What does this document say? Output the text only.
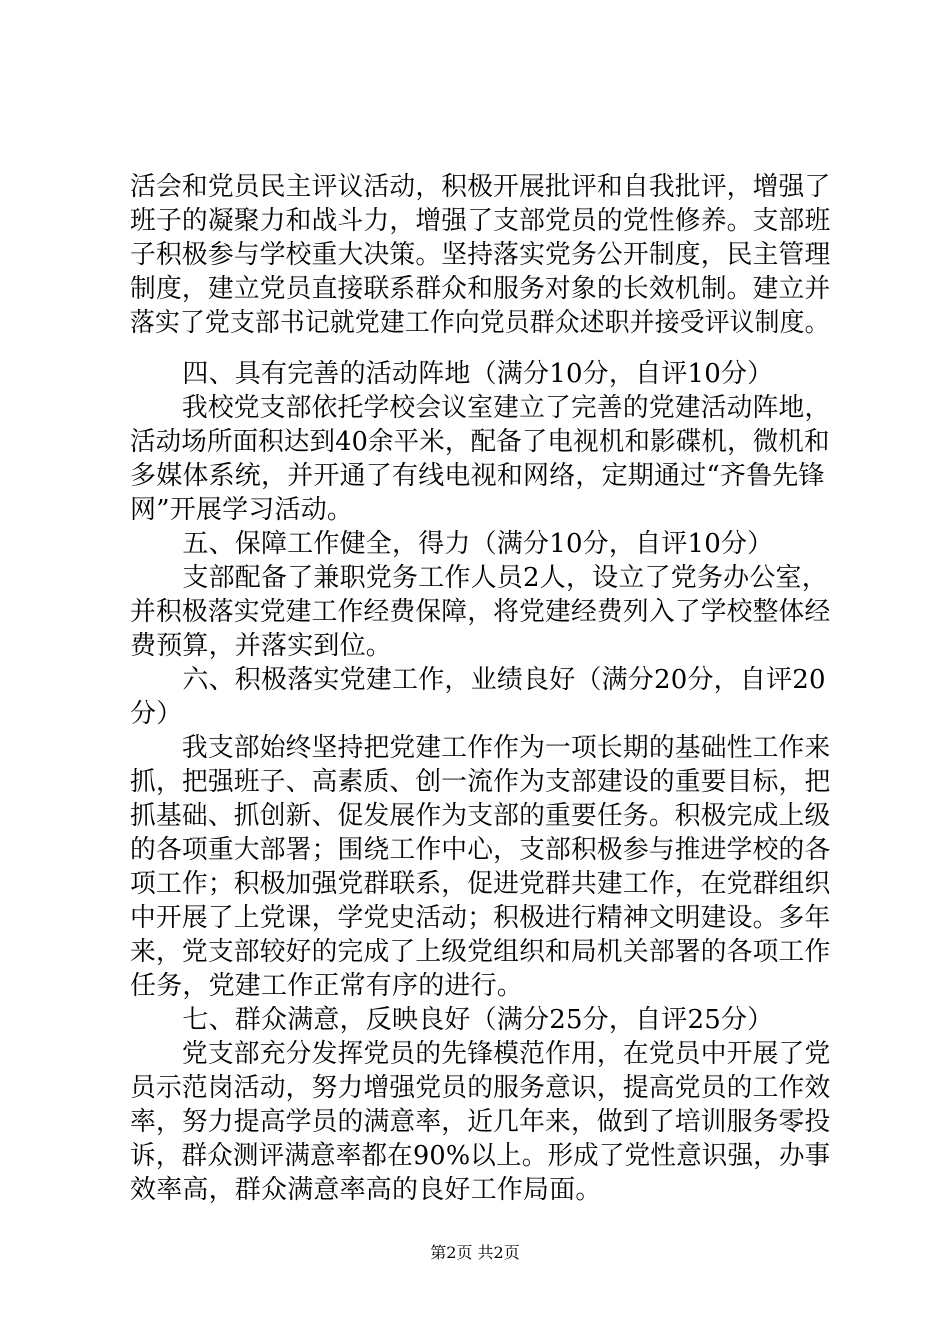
活会和党员民主评议活动，积极开展批评和自我批评，增强了
班子的凝聚力和战斗力，增强了支部党员的党性修养。支部班
子积极参与学校重大决策。坚持落实党务公开制度，民主管理
制度，建立党员直接联系群众和服务对象的长效机制。建立并
落实了党支部书记就党建工作向党员群众述职并接受评议制度。
　　四、具有完善的活动阵地（满分10分，自评10分）
　　我校党支部依托学校会议室建立了完善的党建活动阵地，
活动场所面积达到40余平米，配备了电视机和影碟机，微机和
多媒体系统，并开通了有线电视和网络，定期通过“齐鲁先锋
网”开展学习活动。
　　五、保障工作健全，得力（满分10分，自评10分）
　　支部配备了兼职党务工作人员2人，设立了党务办公室，
并积极落实党建工作经费保障，将党建经费列入了学校整体经
费预算，并落实到位。
　　六、积极落实党建工作，业绩良好（满分20分，自评20
分）
　　我支部始终坚持把党建工作作为一项长期的基础性工作来
抓，把强班子、高素质、创一流作为支部建设的重要目标，把
抓基础、抓创新、促发展作为支部的重要任务。积极完成上级
的各项重大部署；围绕工作中心，支部积极参与推进学校的各
项工作；积极加强党群联系，促进党群共建工作，在党群组织
中开展了上党课，学党史活动；积极进行精神文明建设。多年
来，党支部较好的完成了上级党组织和局机关部署的各项工作
任务，党建工作正常有序的进行。
　　七、群众满意，反映良好（满分25分，自评25分）
　　党支部充分发挥党员的先锋模范作用，在党员中开展了党
员示范岗活动，努力增强党员的服务意识，提高党员的工作效
率，努力提高学员的满意率，近几年来，做到了培训服务零投
诉，群众测评满意率都在90%以上。形成了党性意识强，办事
效率高，群众满意率高的良好工作局面。
第2页 共2页
